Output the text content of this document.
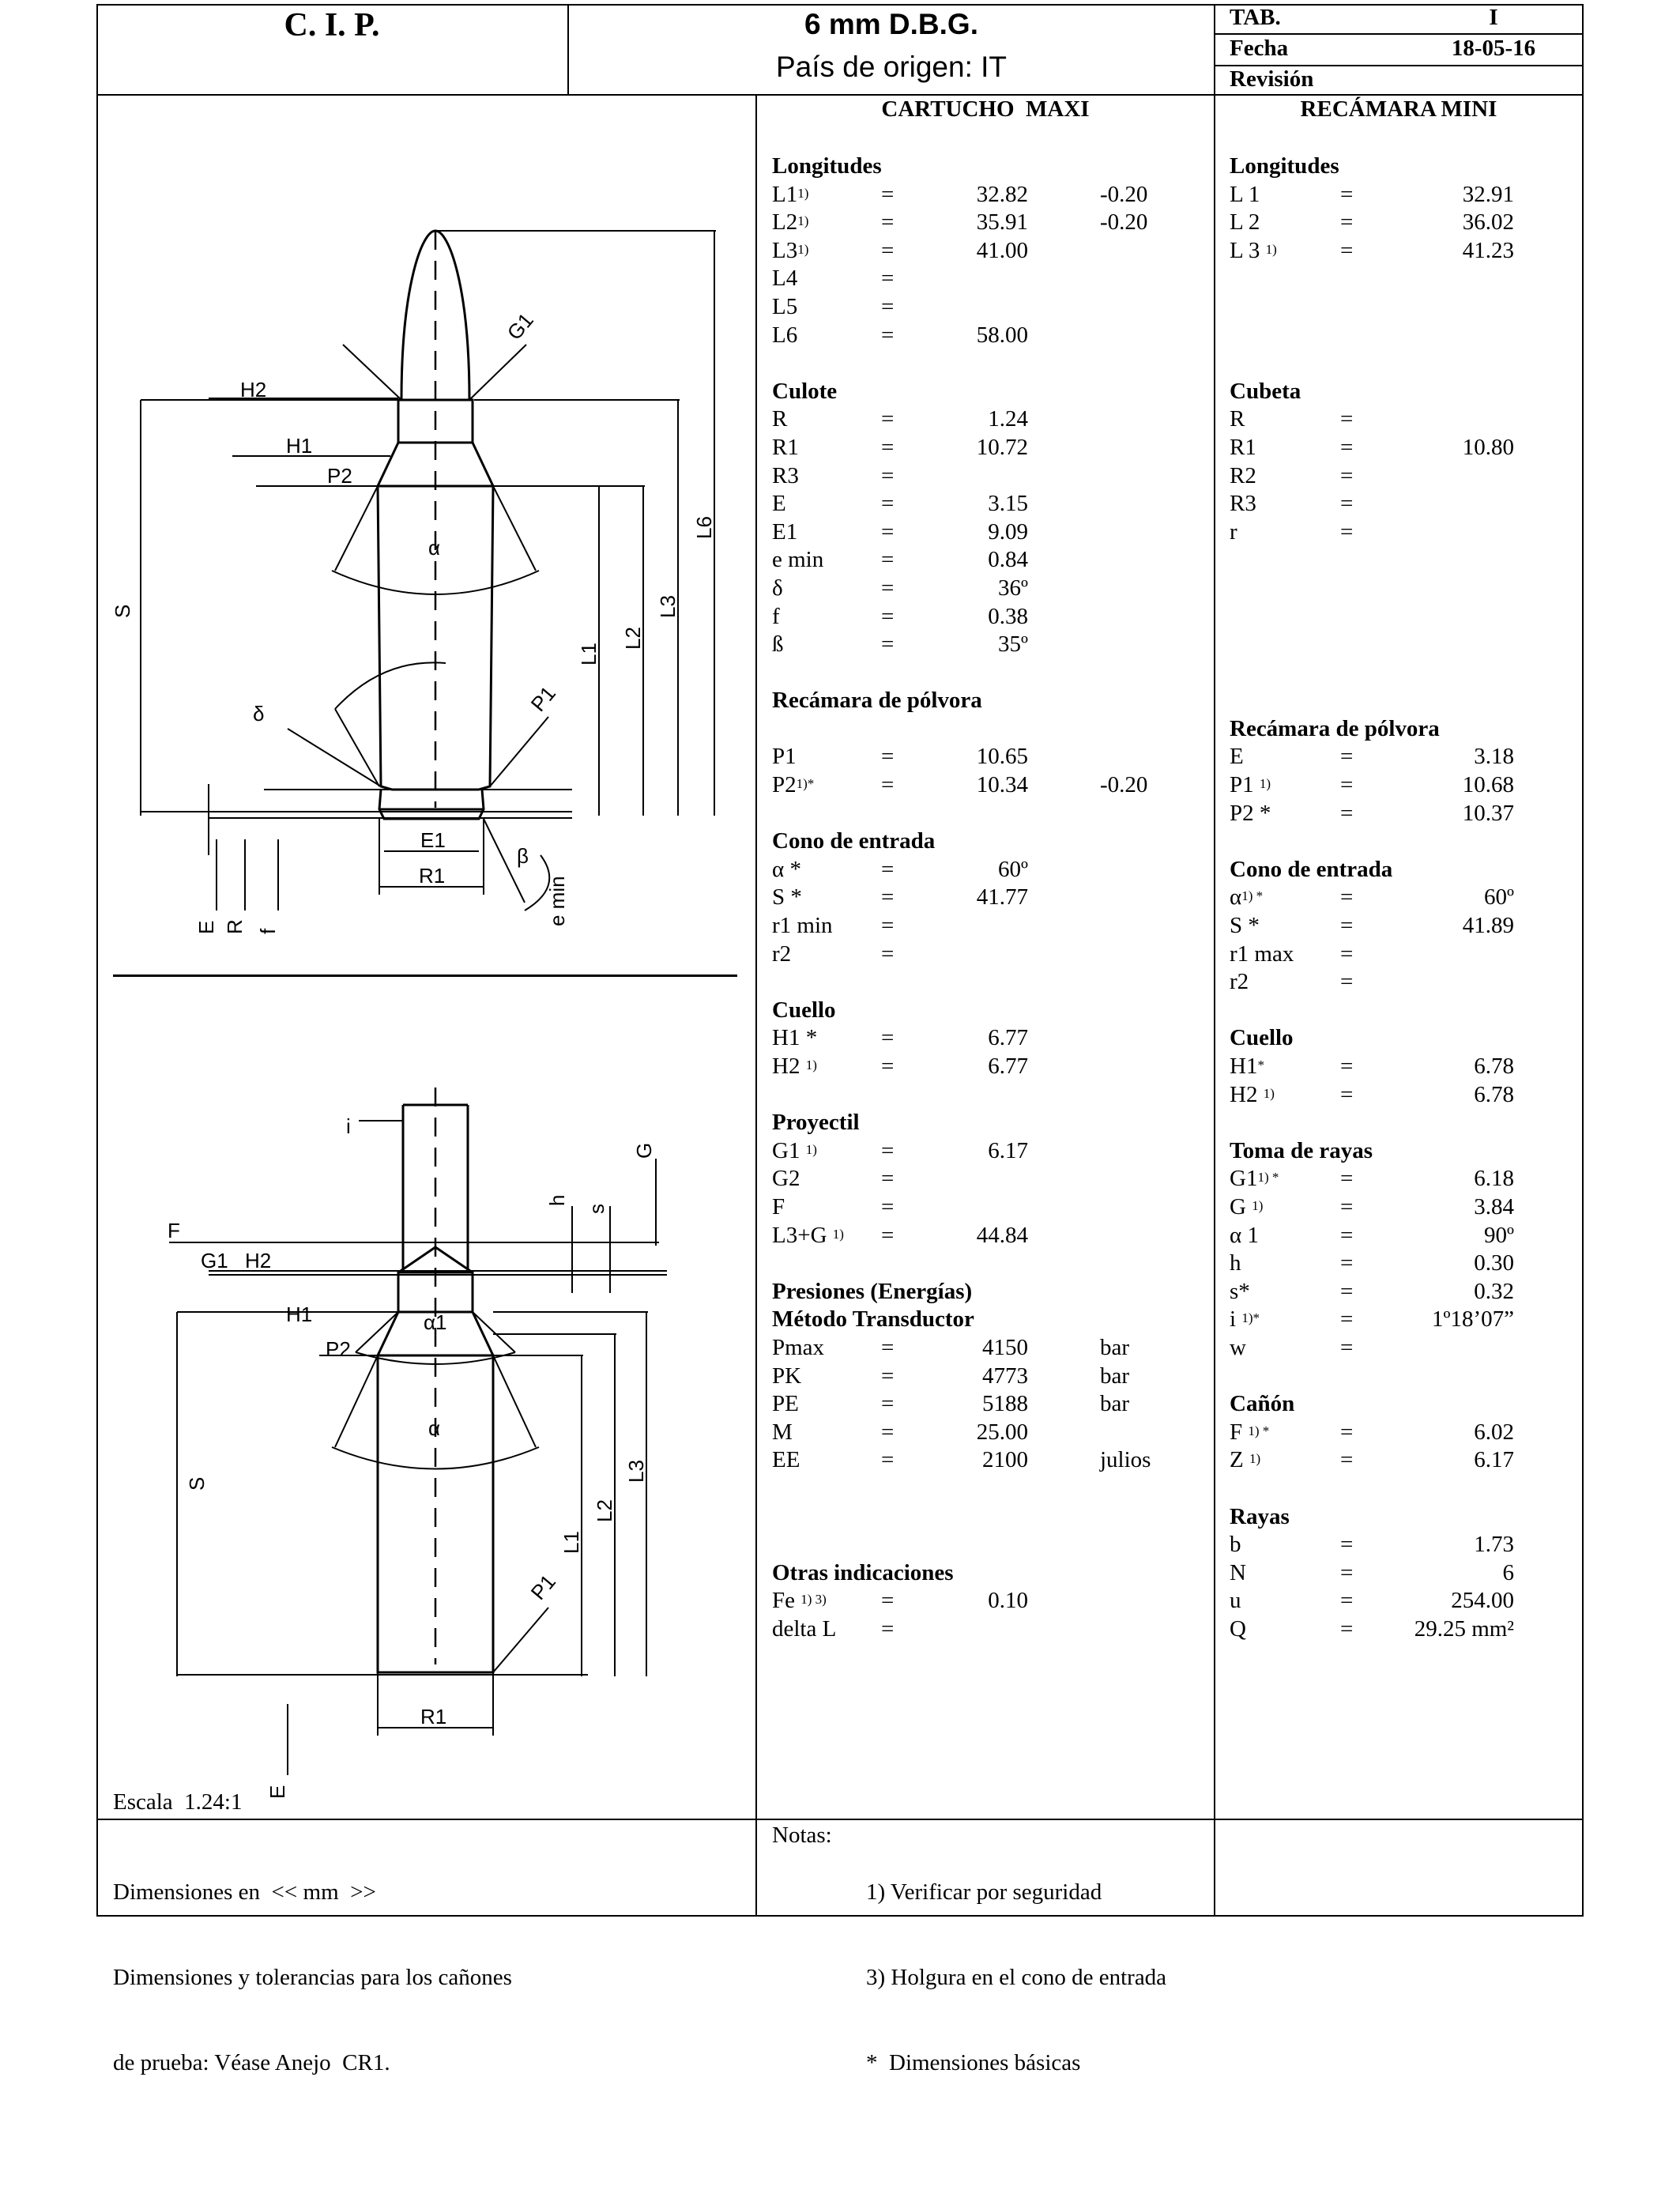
C. I. P.	6 mm D.B.G.
País de origen: IT
TAB.	I
Fecha	18-05-16
Revisión
CARTUCHO  MAXI	RECÁMARA MINI
Longitudes
$L1^{1)}$	=	32.82	-0.20
$L2^{1)}$	=	35.91	-0.20
$L3^{1)}$	=	41.00
L4	=
L5	=
L6	=	58.00
Culote
R	=	1.24
R1	=	10.72
R3	=
E	=	3.15
E1	=	9.09
e min	=	0.84
δ	=	36º
f	=	0.38
ß	=	35º
Recámara de pólvora
P1	=	10.65
$P2^{1)*}$	=	10.34	-0.20
Cono de entrada
α *	=	60º
S *	=	41.77
r1 min =
r2	=
Cuello
H1 *	=	6.77
H2 $^{1)}$	=	6.77
Proyectil
G1 $^{1)}$	=	6.17
G2	=
F	=
L3+G $^{1)}$ =	44.84
Presiones (Energías)
Método Transductor
Pmax =	4150	bar
PK	=	4773	bar
PE	=	5188	bar
M	=	25.00
EE	=	2100	julios
Otras indicaciones
Fe $^{1) 3)}$ =	0.10
delta L =
Longitudes
L 1	=	32.91
L 2	=	36.02
L 3 $^{1)}$	=	41.23
Cubeta
R	=
R1	=	10.80
R2	=
R3	=
r	=
Recámara de pólvora
E	=	3.18
P1 $^{1)}$	=	10.68
P2 *	=	10.37
Cono de entrada
$\alpha^{1) *}$	=	60º
S *	=	41.89
r1 max =
r2	=
Cuello
H1*	=	6.78
H2 $^{1)}$	=	6.78
Toma de rayas
$G1^{1) *}$	=	6.18
G $^{1)}$	=	3.84
α 1	=	90º
h	=	0.30
s*	=	0.32
i $^{1)*}$	=	1º18’07”
w	=
Cañón
F $^{1) *}$	=	6.02
Z $^{1)}$	=	6.17
Rayas
b	=	1.73
N	=	6
u	=	254.00
Q	=	29.25 mm²
H2
H1
P2
G1
α
S
L6
L3
L2
L1
δ	P1
E1
R1
E R f
β
e min
i
h
s
G
F
G1 H2
H1
P2
α1
α
S
L1
L2
L3
P1
R1
E
Escala  1.24:1

Dimensiones en  << mm  >>

Dimensiones y tolerancias para los cañones

de prueba: Véase Anejo  CR1.

Notas:

1) Verificar por seguridad

3) Holgura en el cono de entrada

*  Dimensiones básicas
